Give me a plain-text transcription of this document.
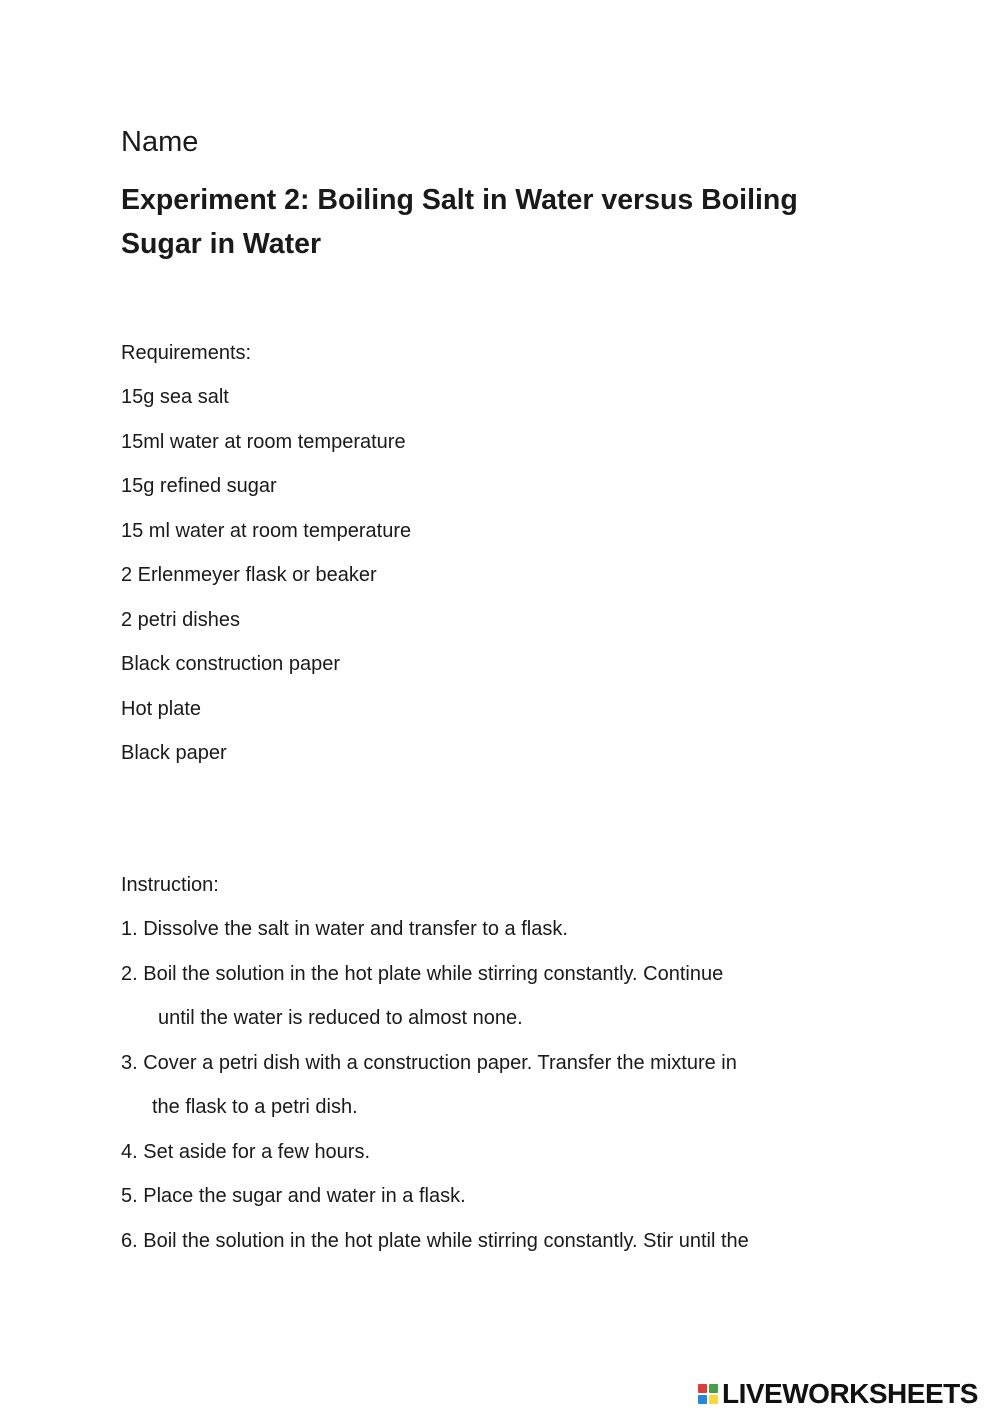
Name

Experiment 2: Boiling Salt in Water versus Boiling
Sugar in Water

Requirements:

15g sea salt
15ml water at room temperature
15g refined sugar
15 ml water at room temperature
2 Erlenmeyer flask or beaker
2 petri dishes
Black construction paper
Hot plate
Black paper

Instruction:

1. Dissolve the salt in water and transfer to a flask.
2. Boil the solution in the hot plate while stirring constantly. Continue
until the water is reduced to almost none.
3. Cover a petri dish with a construction paper. Transfer the mixture in
the flask to a petri dish.
4. Set aside for a few hours.
5. Place the sugar and water in a flask.
6. Boil the solution in the hot plate while stirring constantly. Stir until the
LIVEWORKSHEETS
